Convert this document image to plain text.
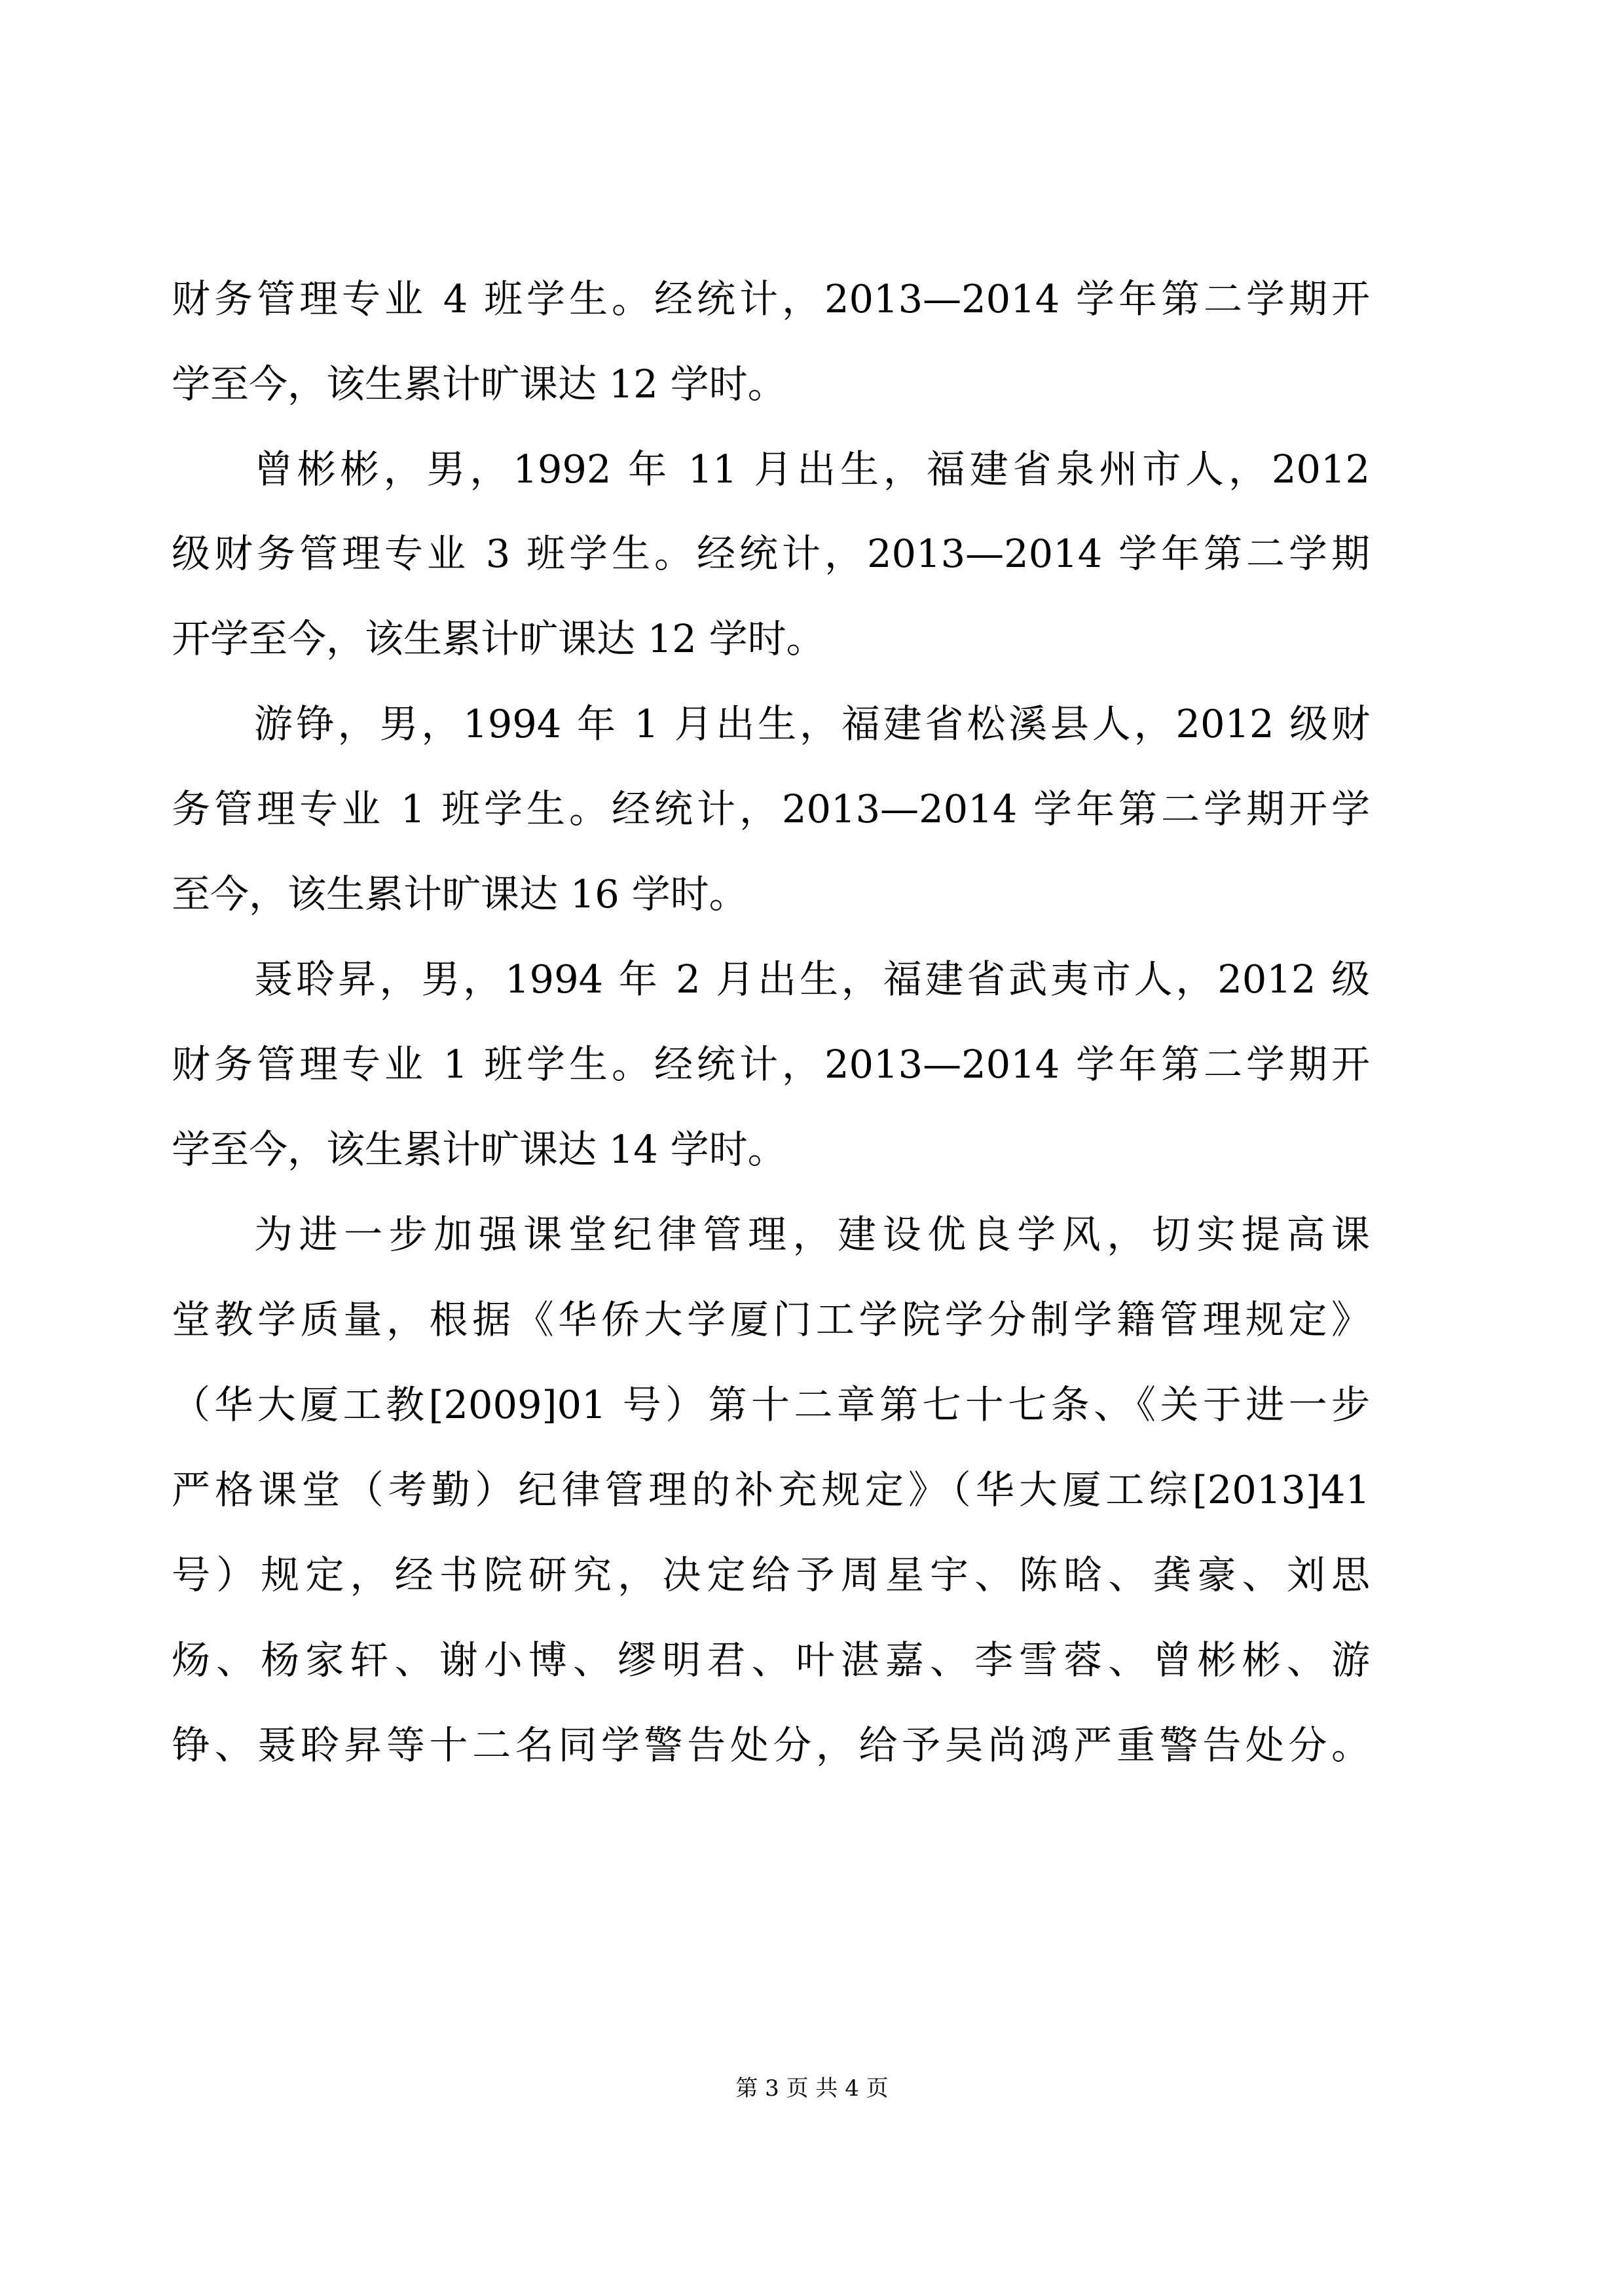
财务管理专业 4 班学生。经统计，2013—2014 学年第二学期开
学至今，该生累计旷课达 12 学时。
曾彬彬，男，1992 年 11 月出生，福建省泉州市人，2012
级财务管理专业 3 班学生。经统计，2013—2014 学年第二学期
开学至今，该生累计旷课达 12 学时。
游铮，男，1994 年 1 月出生，福建省松溪县人，2012 级财
务管理专业 1 班学生。经统计，2013—2014 学年第二学期开学
至今，该生累计旷课达 16 学时。
聂聆昇，男，1994 年 2 月出生，福建省武夷市人，2012 级
财务管理专业 1 班学生。经统计，2013—2014 学年第二学期开
学至今，该生累计旷课达 14 学时。
为进一步加强课堂纪律管理，建设优良学风，切实提高课
堂教学质量，根据《华侨大学厦门工学院学分制学籍管理规定》
（华大厦工教[2009]01 号）第十二章第七十七条、《关于进一步
严格课堂（考勤）纪律管理的补充规定》（华大厦工综[2013]41
号）规定，经书院研究，决定给予周星宇、陈晗、龚豪、刘思
炀、杨家轩、谢小博、缪明君、叶湛嘉、李雪蓉、曾彬彬、游
铮、聂聆昇等十二名同学警告处分，给予吴尚鸿严重警告处分。
第 3 页 共 4 页
